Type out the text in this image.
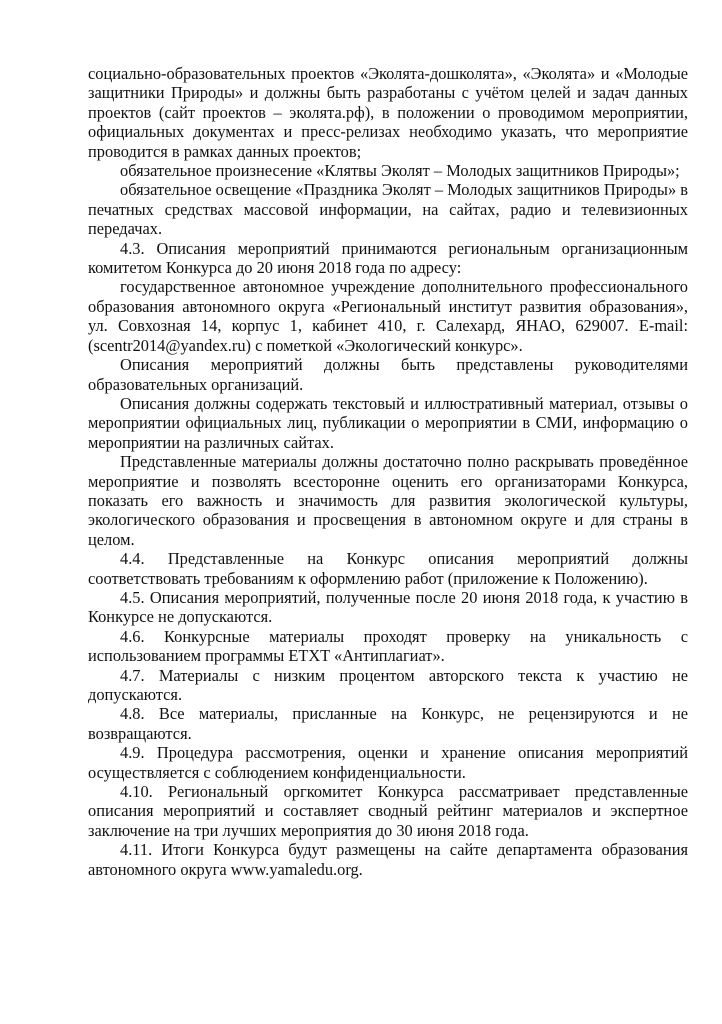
социально-образовательных проектов «Эколята-дошколята», «Эколята» и «Молодые защитники Природы» и должны быть разработаны с учётом целей и задач данных проектов (сайт проектов – эколята.рф), в положении о проводимом мероприятии, официальных документах и пресс-релизах необходимо указать, что мероприятие проводится в рамках данных проектов;

обязательное произнесение «Клятвы Эколят – Молодых защитников Природы»;

обязательное освещение «Праздника Эколят – Молодых защитников Природы» в печатных средствах массовой информации, на сайтах, радио и телевизионных передачах.

4.3. Описания мероприятий принимаются региональным организационным комитетом Конкурса до 20 июня 2018 года по адресу:

государственное автономное учреждение дополнительного профессионального образования автономного округа «Региональный институт развития образования», ул. Совхозная 14, корпус 1, кабинет 410, г. Салехард, ЯНАО, 629007. E-mail: (scentr2014@yandex.ru) с пометкой «Экологический конкурс».

Описания мероприятий должны быть представлены руководителями образовательных организаций.

Описания должны содержать текстовый и иллюстративный материал, отзывы о мероприятии официальных лиц, публикации о мероприятии в СМИ, информацию о мероприятии на различных сайтах.

Представленные материалы должны достаточно полно раскрывать проведённое мероприятие и позволять всесторонне оценить его организаторами Конкурса, показать его важность и значимость для развития экологической культуры, экологического образования и просвещения в автономном округе и для страны в целом.

4.4. Представленные на Конкурс описания мероприятий должны соответствовать требованиям к оформлению работ (приложение к Положению).

4.5. Описания мероприятий, полученные после 20 июня 2018 года, к участию в Конкурсе не допускаются.

4.6. Конкурсные материалы проходят проверку на уникальность с использованием программы ETXT «Антиплагиат».

4.7. Материалы с низким процентом авторского текста к участию не допускаются.

4.8. Все материалы, присланные на Конкурс, не рецензируются и не возвращаются.

4.9. Процедура рассмотрения, оценки и хранение описания мероприятий осуществляется с соблюдением конфиденциальности.

4.10. Региональный оргкомитет Конкурса рассматривает представленные описания мероприятий и составляет сводный рейтинг материалов и экспертное заключение на три лучших мероприятия до 30 июня 2018 года.

4.11. Итоги Конкурса будут размещены на сайте департамента образования автономного округа www.yamaledu.org.
